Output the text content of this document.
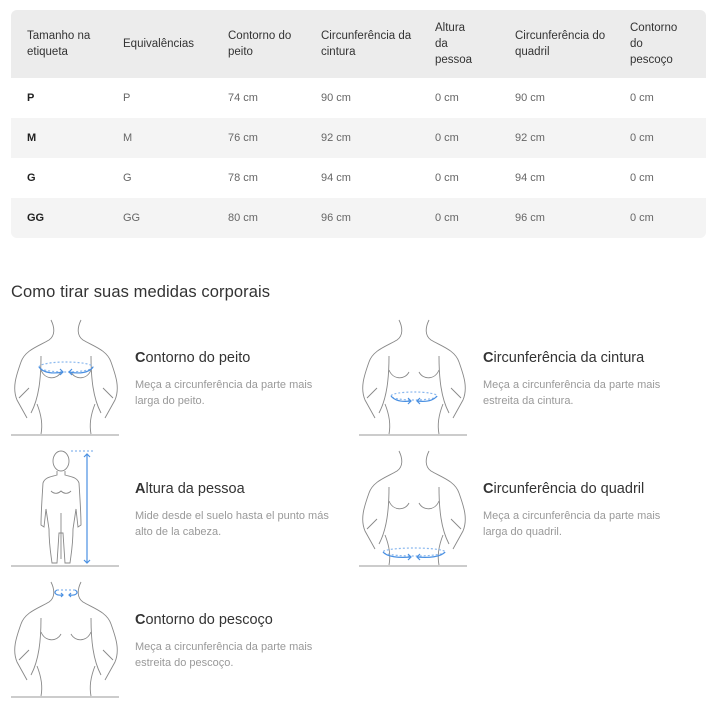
Tamanho na etiqueta	Equivalências	Contorno do peito	Circunferência da cintura	Altura da pessoa	Circunferência do quadril	Contorno do pescoço
P	P	74 cm	90 cm	0 cm	90 cm	0 cm
M	M	76 cm	92 cm	0 cm	92 cm	0 cm
G	G	78 cm	94 cm	0 cm	94 cm	0 cm
GG	GG	80 cm	96 cm	0 cm	96 cm	0 cm
Como tirar suas medidas corporais
Contorno do peito
Meça a circunferência da parte mais larga do peito.
Circunferência da cintura
Meça a circunferência da parte mais estreita da cintura.
Altura da pessoa
Mide desde el suelo hasta el punto más alto de la cabeza.
Circunferência do quadril
Meça a circunferência da parte mais larga do quadril.
Contorno do pescoço
Meça a circunferência da parte mais estreita do pescoço.
